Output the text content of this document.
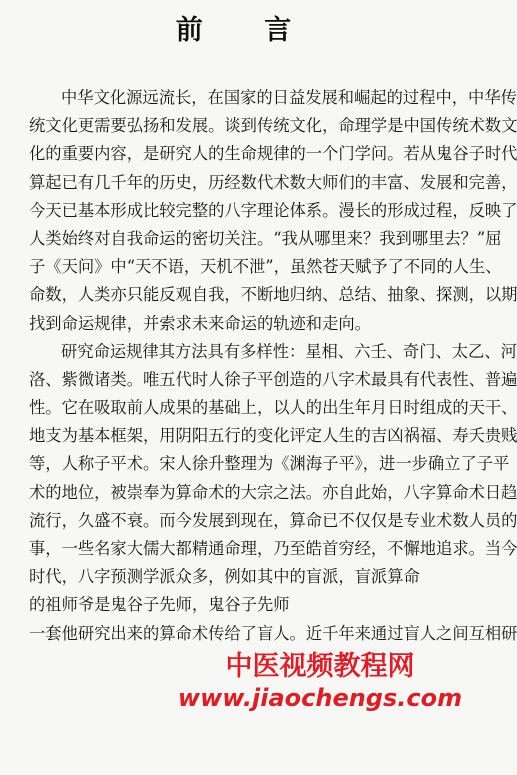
前 言
中华文化源远流长，在国家的日益发展和崛起的过程中，中华传
统文化更需要弘扬和发展。谈到传统文化，命理学是中国传统术数文
化的重要内容，是研究人的生命规律的一个门学问。若从鬼谷子时代
算起已有几千年的历史，历经数代术数大师们的丰富、发展和完善，
今天已基本形成比较完整的八字理论体系。漫长的形成过程，反映了
人类始终对自我命运的密切关注。“我从哪里来？我到哪里去？”屈
子《天问》中“天不语，天机不泄”，虽然苍天赋予了不同的人生、
命数，人类亦只能反观自我，不断地归纳、总结、抽象、探测，以期
找到命运规律，并索求未来命运的轨迹和走向。
研究命运规律其方法具有多样性：星相、六壬、奇门、太乙、河
洛、紫微诸类。唯五代时人徐子平创造的八字术最具有代表性、普遍
性。它在吸取前人成果的基础上，以人的出生年月日时组成的天干、
地支为基本框架，用阴阳五行的变化评定人生的吉凶祸福、寿夭贵贱
等，人称子平术。宋人徐升整理为《渊海子平》，进一步确立了子平
术的地位，被崇奉为算命术的大宗之法。亦自此始，八字算命术日趋
流行，久盛不衰。而今发展到现在，算命已不仅仅是专业术数人员的
事，一些名家大儒大都精通命理，乃至皓首穷经，不懈地追求。当今
时代，八字预测学派众多，例如其中的盲派，盲派算命
的祖师爷是鬼谷子先师，鬼谷子先师
一套他研究出来的算命术传给了盲人。近千年来通过盲人之间互相研
中医视频教程网
www.jiaochengs.com
